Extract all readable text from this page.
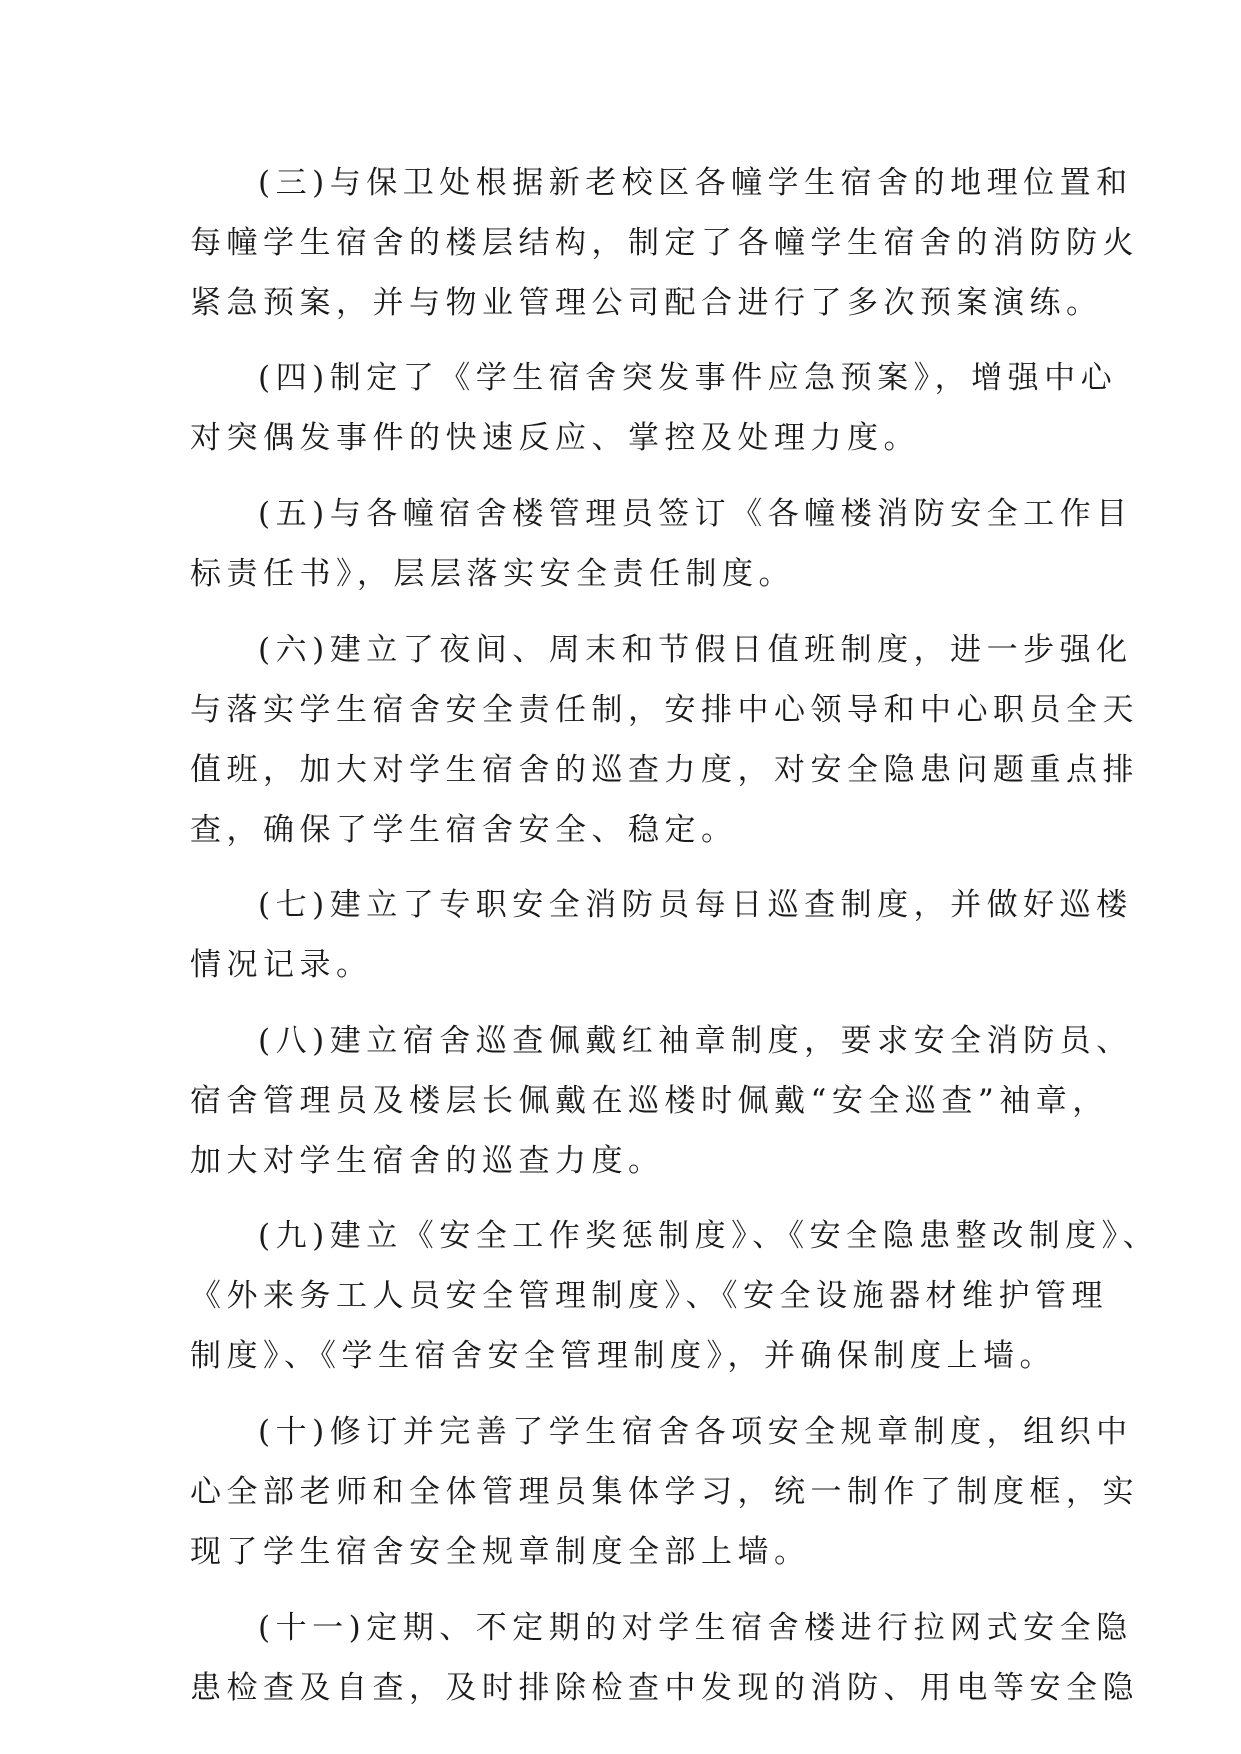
(三)与保卫处根据新老校区各幢学生宿舍的地理位置和
每幢学生宿舍的楼层结构，制定了各幢学生宿舍的消防防火
紧急预案，并与物业管理公司配合进行了多次预案演练。
(四)制定了《学生宿舍突发事件应急预案》，增强中心
对突偶发事件的快速反应、掌控及处理力度。
(五)与各幢宿舍楼管理员签订《各幢楼消防安全工作目
标责任书》，层层落实安全责任制度。
(六)建立了夜间、周末和节假日值班制度，进一步强化
与落实学生宿舍安全责任制，安排中心领导和中心职员全天
值班，加大对学生宿舍的巡查力度，对安全隐患问题重点排
查，确保了学生宿舍安全、稳定。
(七)建立了专职安全消防员每日巡查制度，并做好巡楼
情况记录。
(八)建立宿舍巡查佩戴红袖章制度，要求安全消防员、
宿舍管理员及楼层长佩戴在巡楼时佩戴“安全巡查”袖章，
加大对学生宿舍的巡查力度。
(九)建立《安全工作奖惩制度》、《安全隐患整改制度》、
《外来务工人员安全管理制度》、《安全设施器材维护管理
制度》、《学生宿舍安全管理制度》，并确保制度上墙。
(十)修订并完善了学生宿舍各项安全规章制度，组织中
心全部老师和全体管理员集体学习，统一制作了制度框，实
现了学生宿舍安全规章制度全部上墙。
(十一)定期、不定期的对学生宿舍楼进行拉网式安全隐
患检查及自查，及时排除检查中发现的消防、用电等安全隐
